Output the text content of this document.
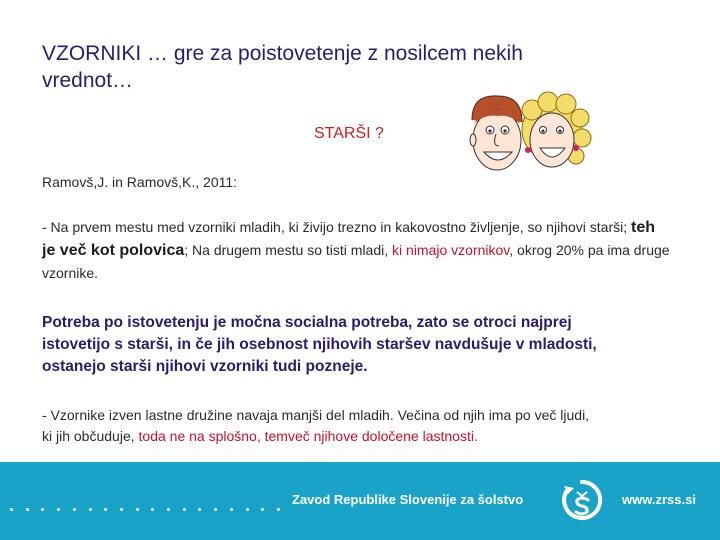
VZORNIKI … gre za poistovetenje z nosilcem nekih
vrednot…
STARŠI ?
Ramovš,J. in Ramovš,K., 2011:
- Na prvem mestu med vzorniki mladih, ki živijo trezno in kakovostno življenje, so njihovi starši; teh je več kot polovica; Na drugem mestu so tisti mladi, ki nimajo vzornikov, okrog 20% pa ima druge vzornike.
Potreba po istovetenju je močna socialna potreba, zato se otroci najprej
istovetijo s starši, in če jih osebnost njihovih staršev navdušuje v mladosti,
ostanejo starši njihovi vzorniki tudi pozneje.
- Vzornike izven lastne družine navaja manjši del mladih. Večina od njih ima po več ljudi,
ki jih občuduje, toda ne na splošno, temveč njihove določene lastnosti.
Zavod Republike Slovenije za šolstvo	www.zrss.si
